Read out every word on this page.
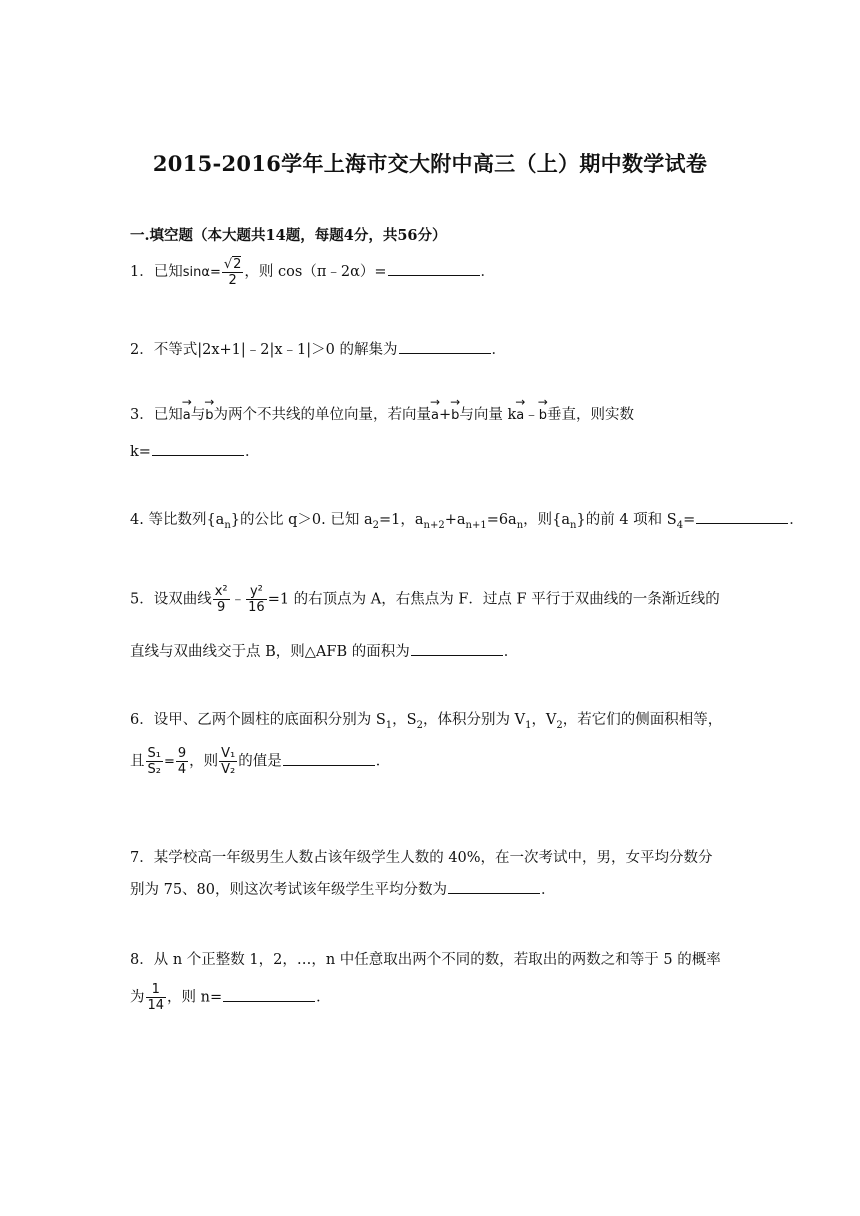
2015-2016学年上海市交大附中高三（上）期中数学试卷
一.填空题（本大题共14题，每题4分，共56分）
1．已知$\sin\alpha= \frac{√2}{2}$ ，则 cos（π﹣2α）=	．
2．不等式|2x+1|﹣2|x﹣1|＞0 的解集为	．
3．已知→ a与→ b为两个不共线的单位向量，若向量→ a+→ b与向量 k→ a﹣→ b垂直，则实数
k=	．
4. 等比数列$\{a_n\}$的公比 q＞0. 已知 $a_2=1$，$a_{n+2}+a_{n+1}=6a_n$，则$\{a_n\}$的前 4 项和 $S_4=$	．
5．设双曲线 $\frac{\text{x²}}{9}$ ﹣ $\frac{\text{y²}}{16} =1$ 的右顶点为 A，右焦点为 F．过点 F 平行于双曲线的一条渐近线的
直线与双曲线交于点 B，则△AFB 的面积为	．
6．设甲、乙两个圆柱的底面积分别为 $S_1$，$S_2$，体积分别为 $V_1$，$V_2$，若它们的侧面积相等，
且 $\frac{\text{S₁}}{\text{S₂}} = \frac{9}{4}$ ，则 $\frac{\text{V₁}}{\text{V₂}}$ 的值是	．
7．某学校高一年级男生人数占该年级学生人数的 40%，在一次考试中，男，女平均分数分
别为 75、80，则这次考试该年级学生平均分数为	．
8．从 n 个正整数 1，2，…，n 中任意取出两个不同的数，若取出的两数之和等于 5 的概率
为 $\frac{1}{14}$ ，则 n=	．
